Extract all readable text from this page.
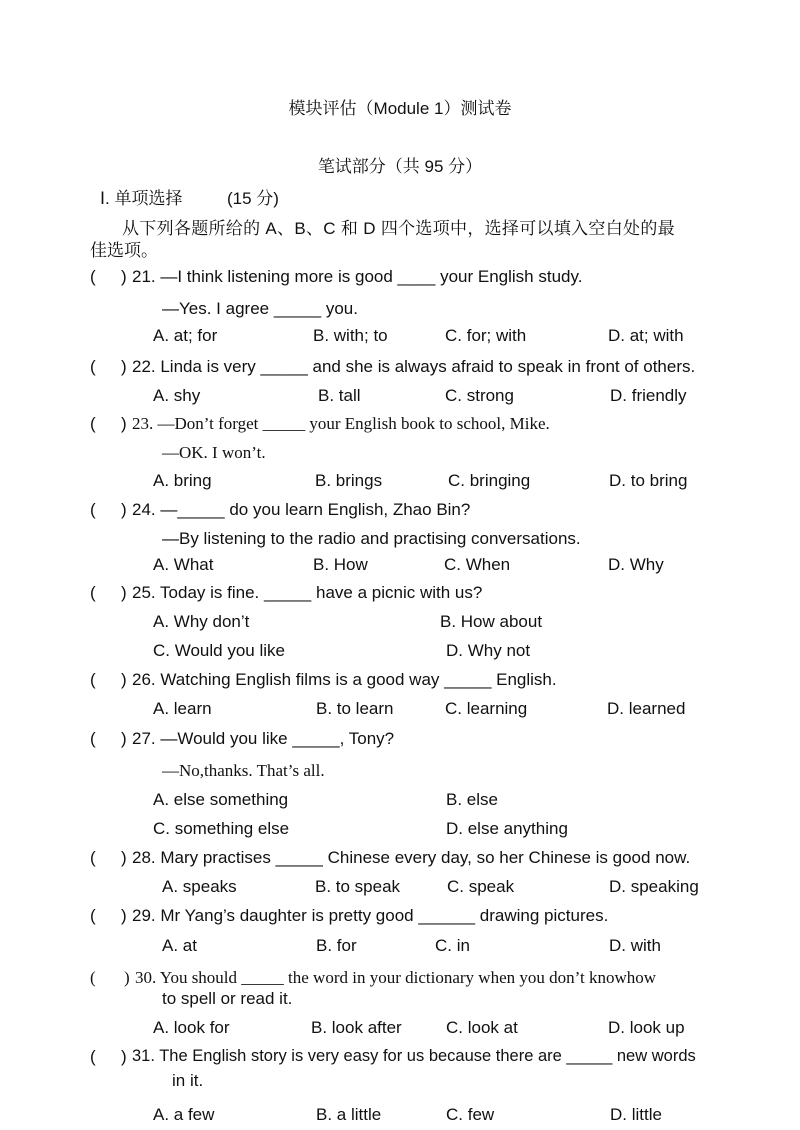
模块评估（Module 1）测试卷
笔试部分（共 95 分）
Ⅰ. 单项选择	(15 分)
从下列各题所给的 A、B、C 和 D 四个选项中，选择可以填入空白处的最
佳选项。
( ) 21. —I think listening more is good ____ your English study.
—Yes. I agree _____ you.
A. at; for	B. with; to	C. for; with	D. at; with
( ) 22. Linda is very _____ and she is always afraid to speak in front of others.
A. shy	B. tall	C. strong	D. friendly
( ) 23. —Don’t forget _____ your English book to school, Mike.
—OK. I won’t.
A. bring	B. brings	C. bringing	D. to bring
( ) 24. —_____ do you learn English, Zhao Bin?
—By listening to the radio and practising conversations.
A. What	B. How	C. When	D. Why
( ) 25. Today is fine. _____ have a picnic with us?
A. Why don’t	B. How about
C. Would you like	D. Why not
( ) 26. Watching English films is a good way _____ English.
A. learn	B. to learn	C. learning	D. learned
( ) 27. —Would you like _____, Tony?
—No,thanks. That’s all.
A. else something	B. else
C. something else	D. else anything
( ) 28. Mary practises _____ Chinese every day, so her Chinese is good now.
A. speaks	B. to speak	C. speak	D. speaking
( ) 29. Mr Yang’s daughter is pretty good ______ drawing pictures.
A. at	B. for	C. in	D. with
( ) 30. You should _____ the word in your dictionary when you don’t knowhow
to spell or read it.
A. look for	B. look after	C. look at	D. look up
( ) 31. The English story is very easy for us because there are _____ new words
in it.
A. a few	B. a little	C. few	D. little
